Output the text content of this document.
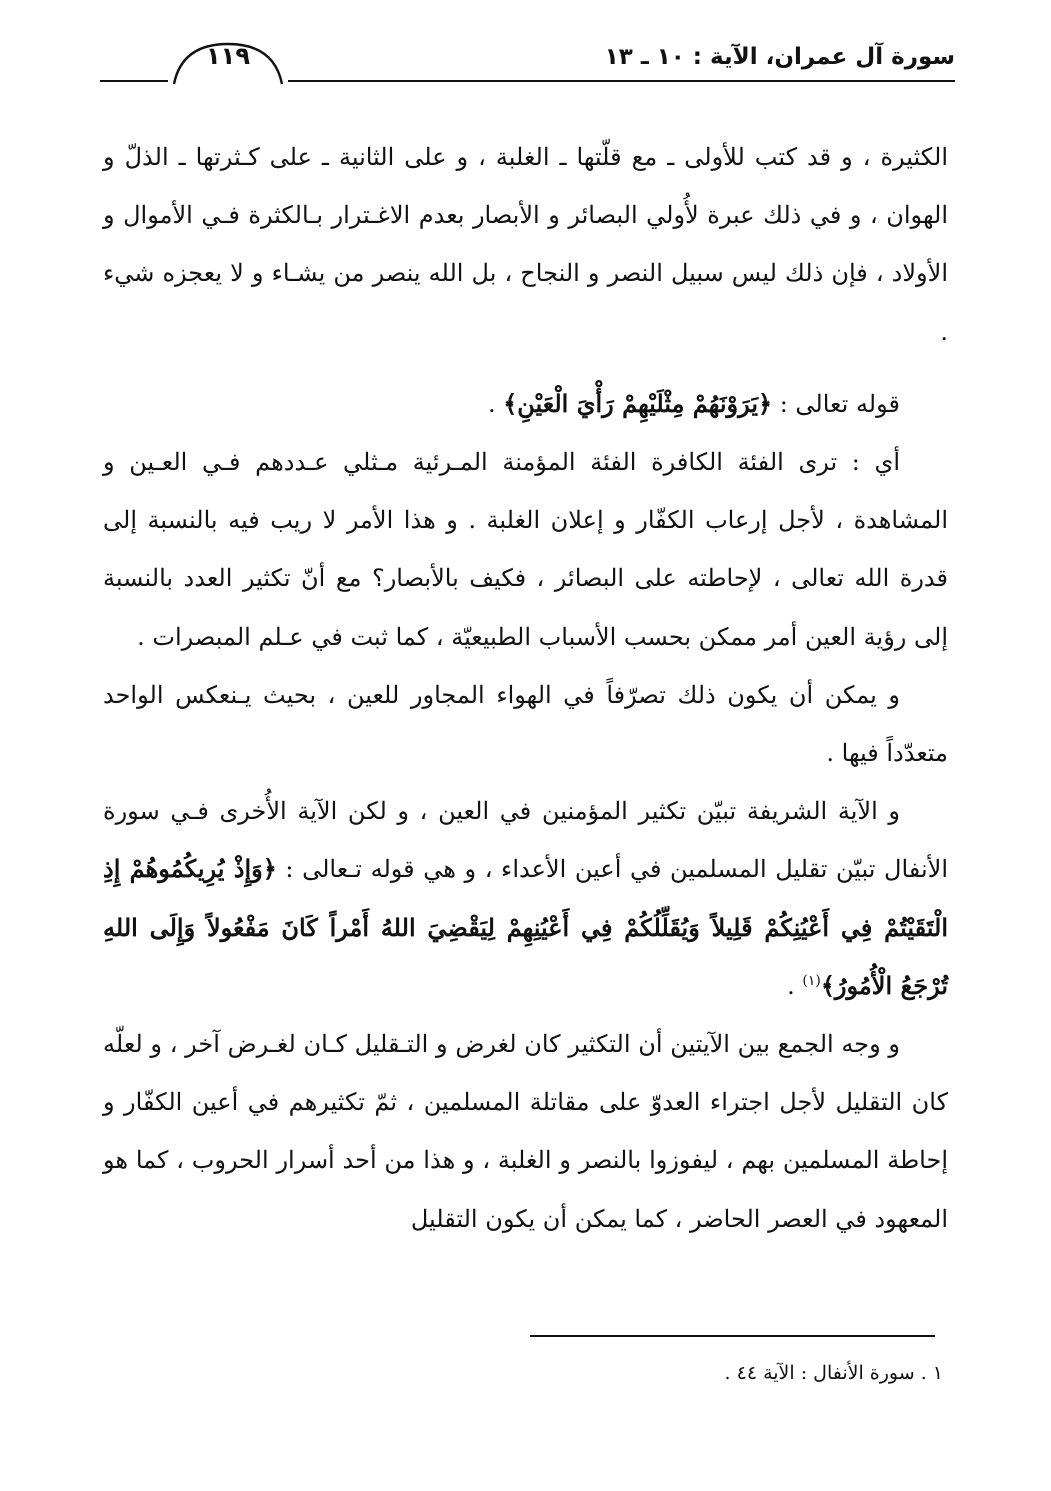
سورة آل عمران، الآية : ١٠ ـ ١٣
١١٩

الكثيرة ، و قد كتب للأولى ـ مع قلّتها ـ الغلبة ، و على الثانية ـ على كـثرتها ـ الذلّ و الهوان ، و في ذلك عبرة لأُولي البصائر و الأبصار بعدم الاغـترار بـالكثرة فـي الأموال و الأولاد ، فإن ذلك ليس سبيل النصر و النجاح ، بل الله ينصر من يشـاء و لا يعجزه شيء .

قوله تعالى : ﴿يَرَوْنَهُمْ مِثْلَيْهِمْ رَأْيَ الْعَيْنِ﴾ .

أي : ترى الفئة الكافرة الفئة المؤمنة المـرئية مـثلي عـددهم فـي العـين و المشاهدة ، لأجل إرعاب الكفّار و إعلان الغلبة . و هذا الأمر لا ريب فيه بالنسبة إلى قدرة الله تعالى ، لإحاطته على البصائر ، فكيف بالأبصار؟ مع أنّ تكثير العدد بالنسبة إلى رؤية العين أمر ممكن بحسب الأسباب الطبيعيّة ، كما ثبت في عـلم المبصرات .

و يمكن أن يكون ذلك تصرّفاً في الهواء المجاور للعين ، بحيث يـنعكس الواحد متعدّداً فيها .

و الآية الشريفة تبيّن تكثير المؤمنين في العين ، و لكن الآية الأُخرى فـي سورة الأنفال تبيّن تقليل المسلمين في أعين الأعداء ، و هي قوله تـعالى : ﴿وَإِذْ يُرِيكُمُوهُمْ إِذِ الْتَقَيْتُمْ فِي أَعْيُنِكُمْ قَلِيلاً وَيُقَلِّلُكُمْ فِي أَعْيُنِهِمْ لِيَقْضِيَ اللهُ أَمْراً كَانَ مَفْعُولاً وَإِلَى اللهِ تُرْجَعُ الْأُمُورُ﴾$^{(١)}$ .

و وجه الجمع بين الآيتين أن التكثير كان لغرض و التـقليل كـان لغـرض آخر ، و لعلّه كان التقليل لأجل اجتراء العدوّ على مقاتلة المسلمين ، ثمّ تكثيرهم في أعين الكفّار و إحاطة المسلمين بهم ، ليفوزوا بالنصر و الغلبة ، و هذا من أحد أسرار الحروب ، كما هو المعهود في العصر الحاضر ، كما يمكن أن يكون التقليل

١ . سورة الأنفال : الآية ٤٤ .
